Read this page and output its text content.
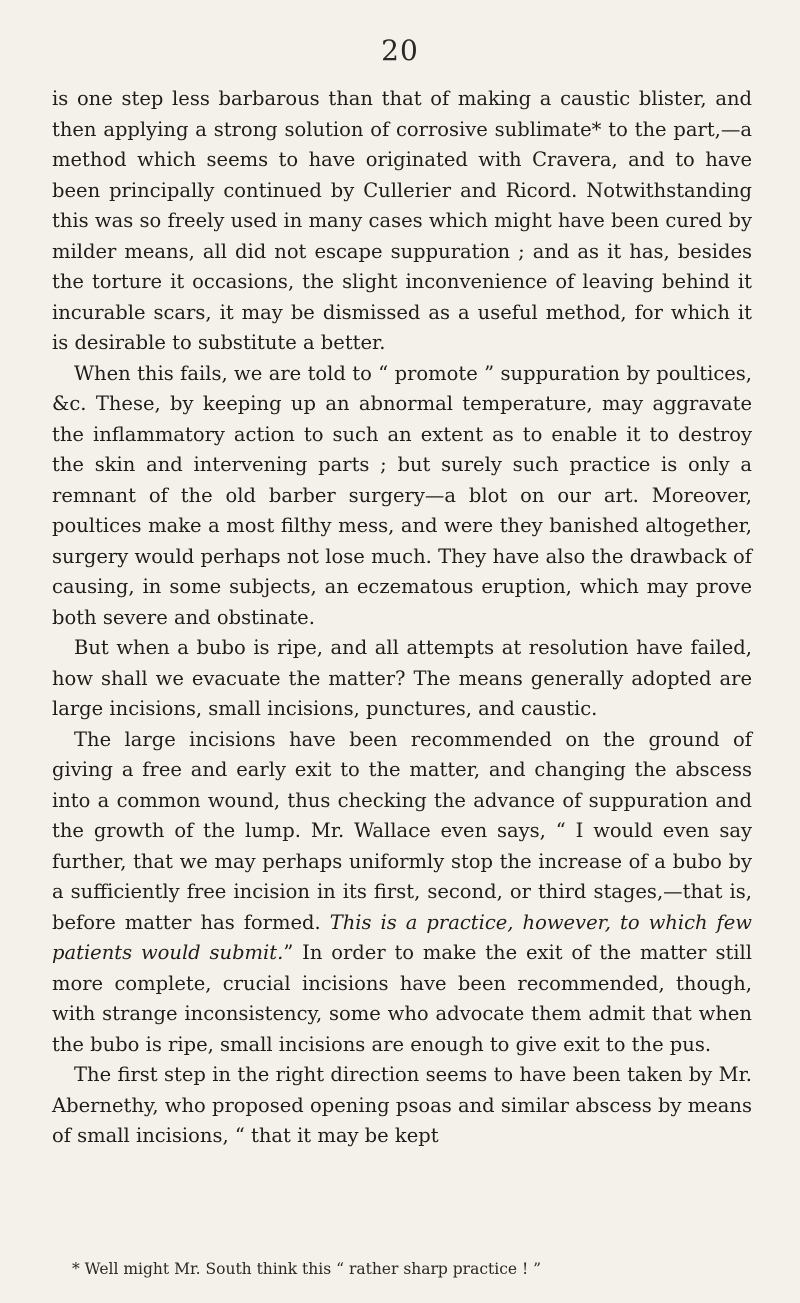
20

is one step less barbarous than that of making a caustic blister, and then applying a strong solution of corrosive sublimate* to the part,—a method which seems to have originated with Cravera, and to have been principally continued by Cullerier and Ricord. Notwithstanding this was so freely used in many cases which might have been cured by milder means, all did not escape suppuration ; and as it has, besides the torture it occasions, the slight inconvenience of leaving behind it incurable scars, it may be dismissed as a useful method, for which it is desirable to substitute a better.

When this fails, we are told to “ promote ” suppuration by poultices, &c. These, by keeping up an abnormal temperature, may aggravate the inflammatory action to such an extent as to enable it to destroy the skin and intervening parts ; but surely such practice is only a remnant of the old barber surgery—a blot on our art. Moreover, poultices make a most filthy mess, and were they banished altogether, surgery would perhaps not lose much. They have also the drawback of causing, in some subjects, an eczematous eruption, which may prove both severe and obstinate.

But when a bubo is ripe, and all attempts at resolution have failed, how shall we evacuate the matter? The means generally adopted are large incisions, small incisions, punctures, and caustic.

The large incisions have been recommended on the ground of giving a free and early exit to the matter, and changing the abscess into a common wound, thus checking the advance of suppuration and the growth of the lump. Mr. Wallace even says, “ I would even say further, that we may perhaps uniformly stop the increase of a bubo by a sufficiently free incision in its first, second, or third stages,—that is, before matter has formed. This is a practice, however, to which few patients would submit.” In order to make the exit of the matter still more complete, crucial incisions have been recommended, though, with strange inconsistency, some who advocate them admit that when the bubo is ripe, small incisions are enough to give exit to the pus.

The first step in the right direction seems to have been taken by Mr. Abernethy, who proposed opening psoas and similar abscess by means of small incisions, “ that it may be kept

* Well might Mr. South think this “ rather sharp practice ! ”
